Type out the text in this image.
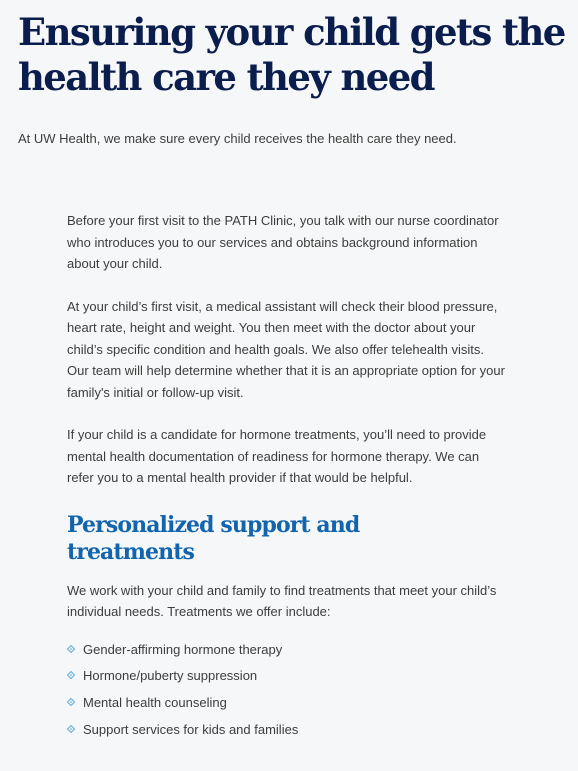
Ensuring your child gets the health care they need

At UW Health, we make sure every child receives the health care they need.

Before your first visit to the PATH Clinic, you talk with our nurse coordinator who introduces you to our services and obtains background information about your child.

At your child’s first visit, a medical assistant will check their blood pressure, heart rate, height and weight. You then meet with the doctor about your child’s specific condition and health goals. We also offer telehealth visits. Our team will help determine whether that it is an appropriate option for your family's initial or follow-up visit.

If your child is a candidate for hormone treatments, you’ll need to provide mental health documentation of readiness for hormone therapy. We can refer you to a mental health provider if that would be helpful.

Personalized support and treatments

We work with your child and family to find treatments that meet your child’s individual needs. Treatments we offer include:

Gender-affirming hormone therapy
Hormone/puberty suppression
Mental health counseling
Support services for kids and families
